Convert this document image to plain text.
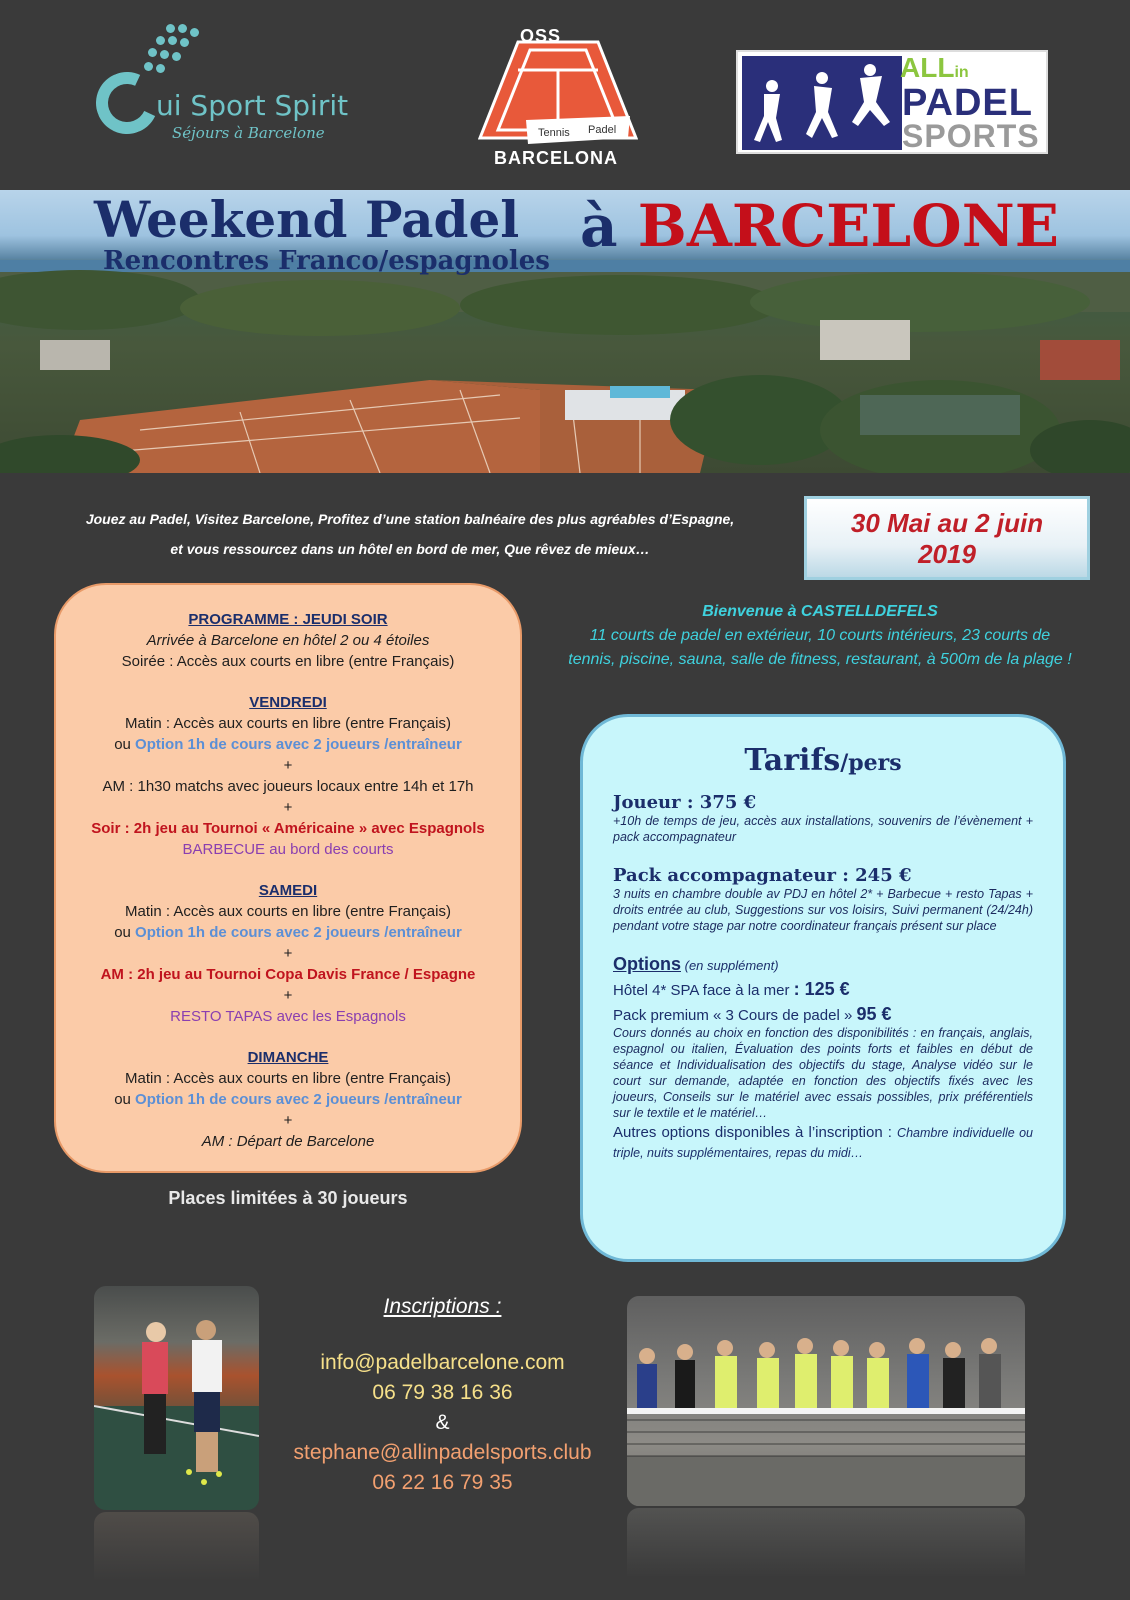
ui Sport Spirit
Séjours à Barcelone	Tennis Padel
OSS
BARCELONA
ALLin
PADEL
SPORTS
Weekend Padel
Rencontres Franco/espagnoles
à BARCELONE
Jouez au Padel, Visitez Barcelone, Profitez d’une station balnéaire des plus agréables d’Espagne,
et vous ressourcez dans un hôtel en bord de mer, Que rêvez de mieux…
30 Mai au 2 juin
2019
PROGRAMME : JEUDI SOIR
Arrivée à Barcelone en hôtel 2 ou 4 étoiles
Soirée : Accès aux courts en libre (entre Français)
VENDREDI
Matin : Accès aux courts en libre (entre Français)
ou Option 1h de cours avec 2 joueurs /entraîneur
+
AM : 1h30 matchs avec joueurs locaux entre 14h et 17h
+
Soir : 2h jeu au Tournoi « Américaine » avec Espagnols
BARBECUE au bord des courts
SAMEDI
Matin : Accès aux courts en libre (entre Français)
ou Option 1h de cours avec 2 joueurs /entraîneur
+
AM : 2h jeu au Tournoi Copa Davis France / Espagne
+
RESTO TAPAS avec les Espagnols
DIMANCHE
Matin : Accès aux courts en libre (entre Français)
ou Option 1h de cours avec 2 joueurs /entraîneur
+
AM : Départ de Barcelone
Places limitées à 30 joueurs
Bienvenue à CASTELLDEFELS
11 courts de padel en extérieur, 10 courts intérieurs, 23 courts de
tennis, piscine, sauna, salle de fitness, restaurant, à 500m de la plage !
Tarifs/pers
Joueur : 375 €
+10h de temps de jeu, accès aux installations, souvenirs de l’évènement + pack accompagnateur
Pack accompagnateur : 245 €
3 nuits en chambre double av PDJ en hôtel 2* + Barbecue + resto Tapas + droits entrée au club, Suggestions sur vos loisirs, Suivi permanent (24/24h) pendant votre stage par notre coordinateur français présent sur place
Options (en supplément)
Hôtel 4* SPA face à la mer : 125 €
Pack premium « 3 Cours de padel » 95 €
Cours donnés au choix en fonction des disponibilités : en français, anglais, espagnol ou italien, Évaluation des points forts et faibles en début de séance et Individualisation des objectifs du stage, Analyse vidéo sur le court sur demande, adaptée en fonction des objectifs fixés avec les joueurs, Conseils sur le matériel avec essais possibles, prix préférentiels sur le textile et le matériel…
Autres options disponibles à l’inscription : Chambre individuelle ou triple, nuits supplémentaires, repas du midi…
Inscriptions :
info@padelbarcelone.com
06 79 38 16 36
&
stephane@allinpadelsports.club
06 22 16 79 35
